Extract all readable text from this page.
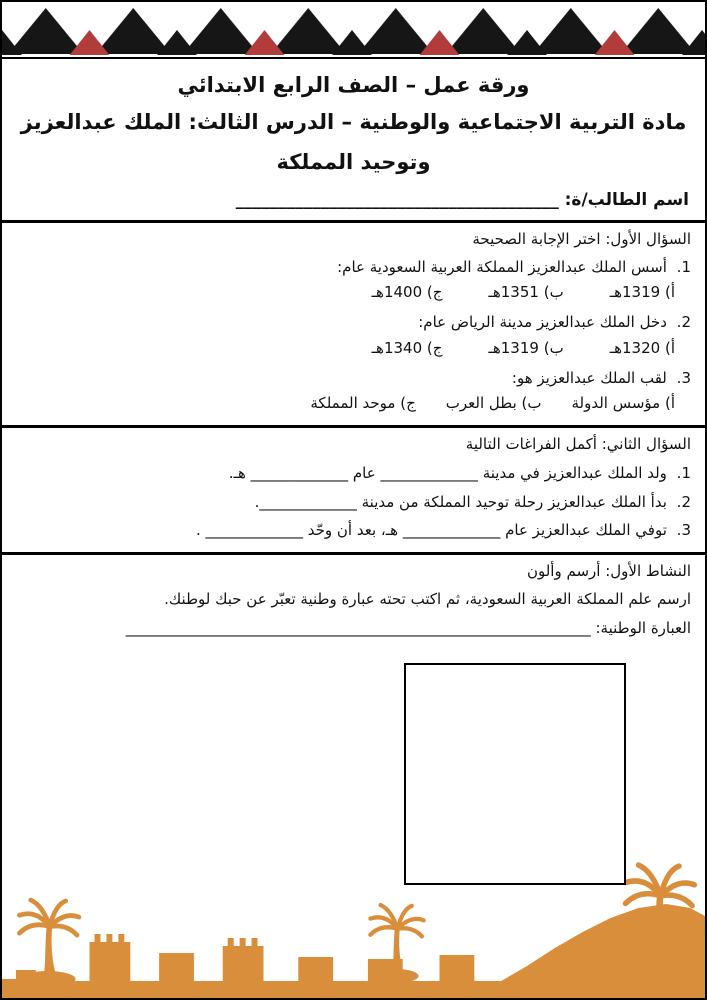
ورقة عمل – الصف الرابع الابتدائي
مادة التربية الاجتماعية والوطنية – الدرس الثالث: الملك عبدالعزيز
وتوحيد المملكة
اسم الطالب/ة: ______________________________________
السؤال الأول: اختر الإجابة الصحيحة
1. أسس الملك عبدالعزيز المملكة العربية السعودية عام:
أ) 1319هـ
ب) 1351هـ
ج) 1400هـ
2. دخل الملك عبدالعزيز مدينة الرياض عام:
أ) 1320هـ
ب) 1319هـ
ج) 1340هـ
3. لقب الملك عبدالعزيز هو:
أ) مؤسس الدولة
ب) بطل العرب
ج) موحد المملكة
السؤال الثاني: أكمل الفراغات التالية
1. ولد الملك عبدالعزيز في مدينة _____________ عام _____________ هـ.
2. بدأ الملك عبدالعزيز رحلة توحيد المملكة من مدينة _____________.
3. توفي الملك عبدالعزيز عام _____________ هـ، بعد أن وحّد _____________ .
النشاط الأول: أرسم وألون
ارسم علم المملكة العربية السعودية، ثم اكتب تحته عبارة وطنية تعبّر عن حبك لوطنك.
العبارة الوطنية: ______________________________________________________________
